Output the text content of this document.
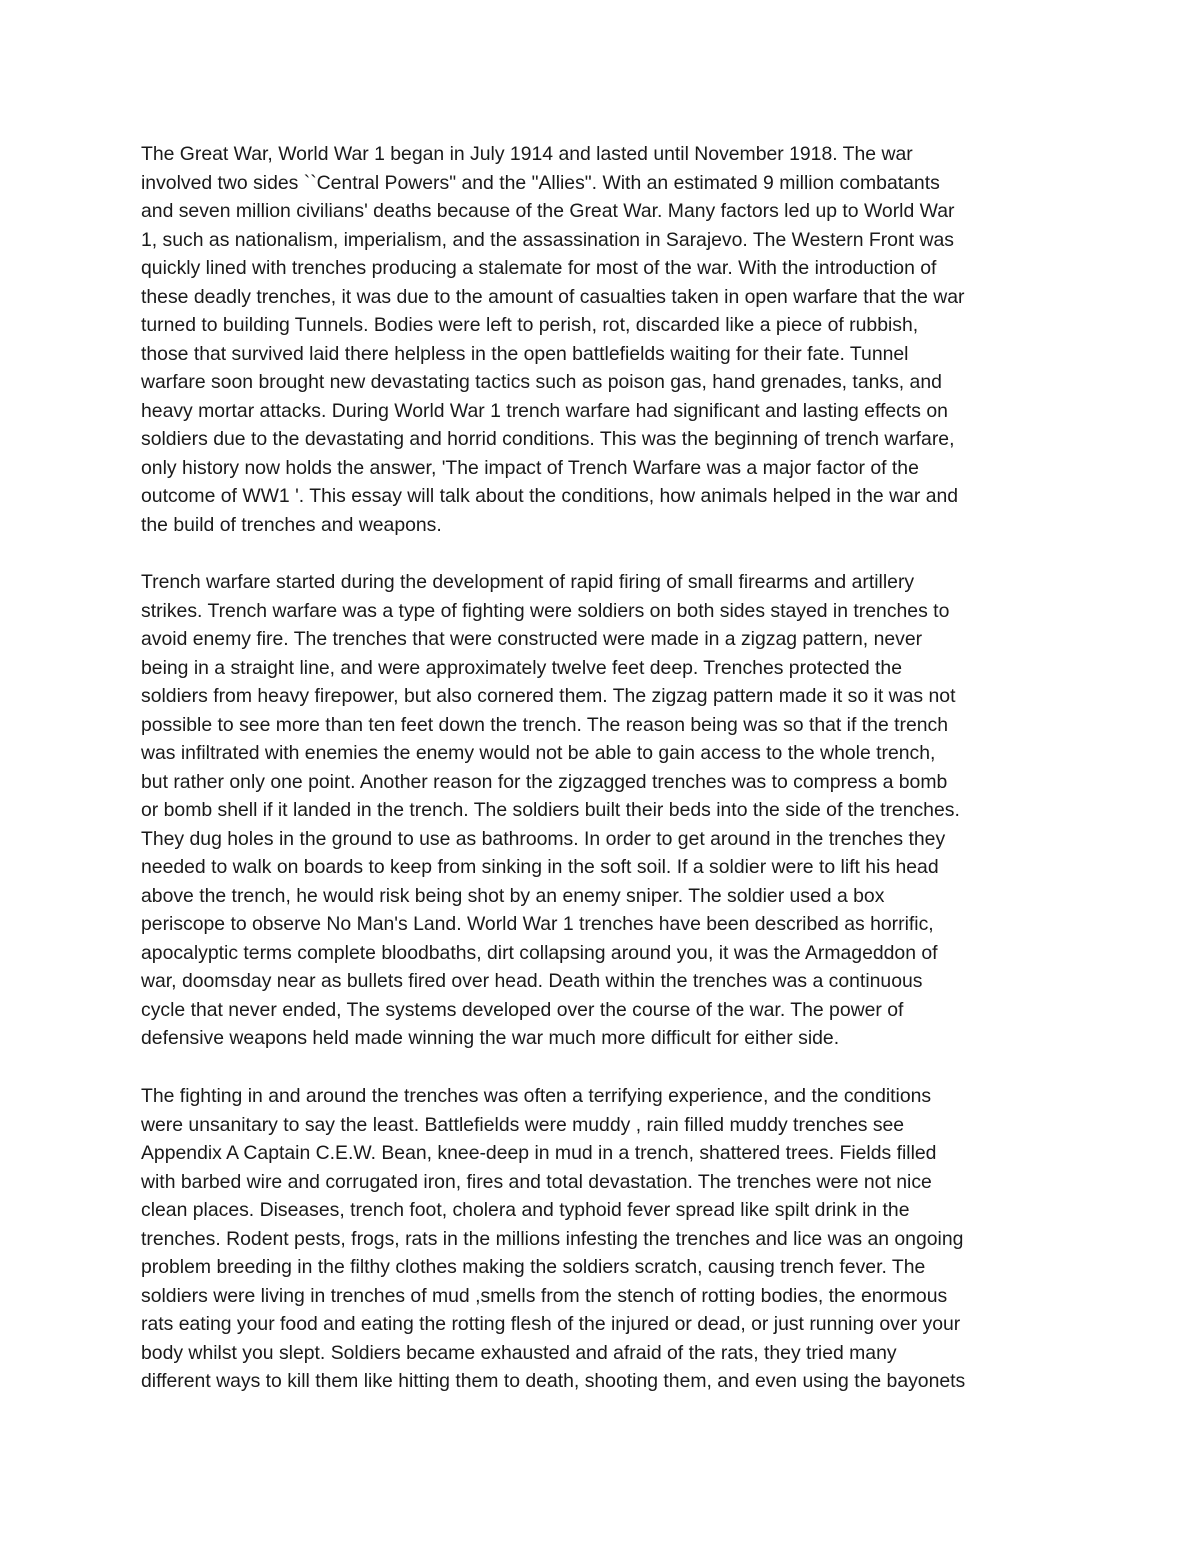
The Great War, World War 1 began in July 1914 and lasted until November 1918. The war
involved two sides ``Central Powers" and the "Allies". With an estimated 9 million combatants
and seven million civilians' deaths because of the Great War. Many factors led up to World War
1, such as nationalism, imperialism, and the assassination in Sarajevo. The Western Front was
quickly lined with trenches producing a stalemate for most of the war. With the introduction of
these deadly trenches, it was due to the amount of casualties taken in open warfare that the war
turned to building Tunnels. Bodies were left to perish, rot, discarded like a piece of rubbish,
those that survived laid there helpless in the open battlefields waiting for their fate. Tunnel
warfare soon brought new devastating tactics such as poison gas, hand grenades, tanks, and
heavy mortar attacks. During World War 1 trench warfare had significant and lasting effects on
soldiers due to the devastating and horrid conditions. This was the beginning of trench warfare,
only history now holds the answer, 'The impact of Trench Warfare was a major factor of the
outcome of WW1 '. This essay will talk about the conditions, how animals helped in the war and
the build of trenches and weapons.
Trench warfare started during the development of rapid firing of small firearms and artillery
strikes. Trench warfare was a type of fighting were soldiers on both sides stayed in trenches to
avoid enemy fire. The trenches that were constructed were made in a zigzag pattern, never
being in a straight line, and were approximately twelve feet deep. Trenches protected the
soldiers from heavy firepower, but also cornered them. The zigzag pattern made it so it was not
possible to see more than ten feet down the trench. The reason being was so that if the trench
was infiltrated with enemies the enemy would not be able to gain access to the whole trench,
but rather only one point. Another reason for the zigzagged trenches was to compress a bomb
or bomb shell if it landed in the trench. The soldiers built their beds into the side of the trenches.
They dug holes in the ground to use as bathrooms. In order to get around in the trenches they
needed to walk on boards to keep from sinking in the soft soil. If a soldier were to lift his head
above the trench, he would risk being shot by an enemy sniper. The soldier used a box
periscope to observe No Man's Land. World War 1 trenches have been described as horrific,
apocalyptic terms complete bloodbaths, dirt collapsing around you, it was the Armageddon of
war, doomsday near as bullets fired over head. Death within the trenches was a continuous
cycle that never ended, The systems developed over the course of the war. The power of
defensive weapons held made winning the war much more difficult for either side.
The fighting in and around the trenches was often a terrifying experience, and the conditions
were unsanitary to say the least. Battlefields were muddy , rain filled muddy trenches see
Appendix A Captain C.E.W. Bean, knee-deep in mud in a trench, shattered trees. Fields filled
with barbed wire and corrugated iron, fires and total devastation. The trenches were not nice
clean places. Diseases, trench foot, cholera and typhoid fever spread like spilt drink in the
trenches. Rodent pests, frogs, rats in the millions infesting the trenches and lice was an ongoing
problem breeding in the filthy clothes making the soldiers scratch, causing trench fever. The
soldiers were living in trenches of mud ,smells from the stench of rotting bodies, the enormous
rats eating your food and eating the rotting flesh of the injured or dead, or just running over your
body whilst you slept. Soldiers became exhausted and afraid of the rats, they tried many
different ways to kill them like hitting them to death, shooting them, and even using the bayonets
